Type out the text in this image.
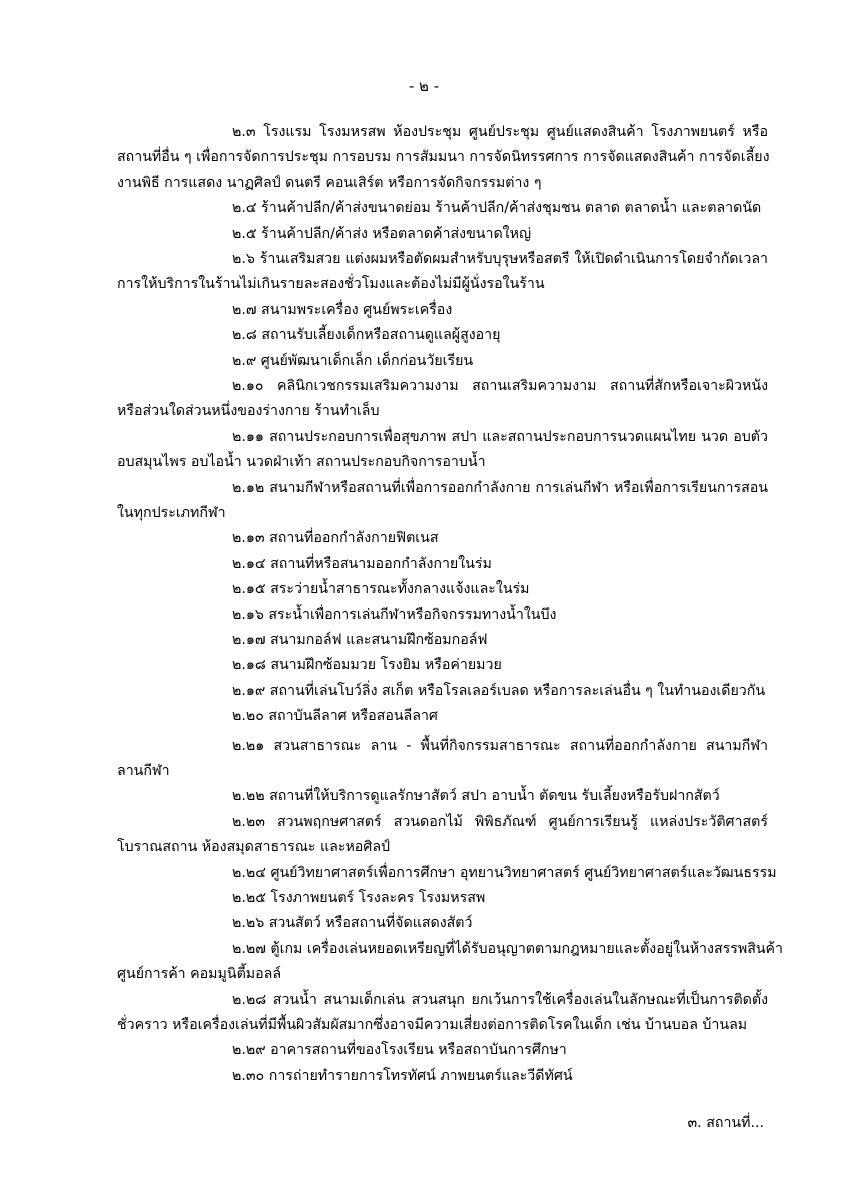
- ๒ -
๒.๓ โรงแรม โรงมหรสพ ห้องประชุม ศูนย์ประชุม ศูนย์แสดงสินค้า โรงภาพยนตร์ หรือ
สถานที่อื่น ๆ เพื่อการจัดการประชุม การอบรม การสัมมนา การจัดนิทรรศการ การจัดแสดงสินค้า การจัดเลี้ยง
งานพิธี การแสดง นาฏศิลป์ ดนตรี คอนเสิร์ต หรือการจัดกิจกรรมต่าง ๆ
๒.๔ ร้านค้าปลีก/ค้าส่งขนาดย่อม ร้านค้าปลีก/ค้าส่งชุมชน ตลาด ตลาดน้ำ และตลาดนัด
๒.๕ ร้านค้าปลีก/ค้าส่ง หรือตลาดค้าส่งขนาดใหญ่
๒.๖ ร้านเสริมสวย แต่งผมหรือตัดผมสำหรับบุรุษหรือสตรี ให้เปิดดำเนินการโดยจำกัดเวลา
การให้บริการในร้านไม่เกินรายละสองชั่วโมงและต้องไม่มีผู้นั่งรอในร้าน
๒.๗ สนามพระเครื่อง ศูนย์พระเครื่อง
๒.๘ สถานรับเลี้ยงเด็กหรือสถานดูแลผู้สูงอายุ
๒.๙ ศูนย์พัฒนาเด็กเล็ก เด็กก่อนวัยเรียน
๒.๑๐ คลินิกเวชกรรมเสริมความงาม สถานเสริมความงาม สถานที่สักหรือเจาะผิวหนัง
หรือส่วนใดส่วนหนึ่งของร่างกาย ร้านทำเล็บ
๒.๑๑ สถานประกอบการเพื่อสุขภาพ สปา และสถานประกอบการนวดแผนไทย นวด อบตัว
อบสมุนไพร อบไอน้ำ นวดฝ่าเท้า สถานประกอบกิจการอาบน้ำ
๒.๑๒ สนามกีฬาหรือสถานที่เพื่อการออกกำลังกาย การเล่นกีฬา หรือเพื่อการเรียนการสอน
ในทุกประเภทกีฬา
๒.๑๓ สถานที่ออกกำลังกายฟิตเนส
๒.๑๔ สถานที่หรือสนามออกกำลังกายในร่ม
๒.๑๕ สระว่ายน้ำสาธารณะทั้งกลางแจ้งและในร่ม
๒.๑๖ สระน้ำเพื่อการเล่นกีฬาหรือกิจกรรมทางน้ำในบึง
๒.๑๗ สนามกอล์ฟ และสนามฝึกซ้อมกอล์ฟ
๒.๑๘ สนามฝึกซ้อมมวย โรงยิม หรือค่ายมวย
๒.๑๙ สถานที่เล่นโบว์ลิ่ง สเก็ต หรือโรลเลอร์เบลด หรือการละเล่นอื่น ๆ ในทำนองเดียวกัน
๒.๒๐ สถาบันลีลาศ หรือสอนลีลาศ
๒.๒๑ สวนสาธารณะ ลาน - พื้นที่กิจกรรมสาธารณะ สถานที่ออกกำลังกาย สนามกีฬา
ลานกีฬา
๒.๒๒ สถานที่ให้บริการดูแลรักษาสัตว์ สปา อาบน้ำ ตัดขน รับเลี้ยงหรือรับฝากสัตว์
๒.๒๓ สวนพฤกษศาสตร์ สวนดอกไม้ พิพิธภัณฑ์ ศูนย์การเรียนรู้ แหล่งประวัติศาสตร์
โบราณสถาน ห้องสมุดสาธารณะ และหอศิลป์
๒.๒๔ ศูนย์วิทยาศาสตร์เพื่อการศึกษา อุทยานวิทยาศาสตร์ ศูนย์วิทยาศาสตร์และวัฒนธรรม
๒.๒๕ โรงภาพยนตร์ โรงละคร โรงมหรสพ
๒.๒๖ สวนสัตว์ หรือสถานที่จัดแสดงสัตว์
๒.๒๗ ตู้เกม เครื่องเล่นหยอดเหรียญที่ได้รับอนุญาตตามกฎหมายและตั้งอยู่ในห้างสรรพสินค้า
ศูนย์การค้า คอมมูนิตี้มอลล์
๒.๒๘ สวนน้ำ สนามเด็กเล่น สวนสนุก ยกเว้นการใช้เครื่องเล่นในลักษณะที่เป็นการติดตั้ง
ชั่วคราว หรือเครื่องเล่นที่มีพื้นผิวสัมผัสมากซึ่งอาจมีความเสี่ยงต่อการติดโรคในเด็ก เช่น บ้านบอล บ้านลม
๒.๒๙ อาคารสถานที่ของโรงเรียน หรือสถาบันการศึกษา
๒.๓๐ การถ่ายทำรายการโทรทัศน์ ภาพยนตร์และวีดีทัศน์
๓. สถานที่...
